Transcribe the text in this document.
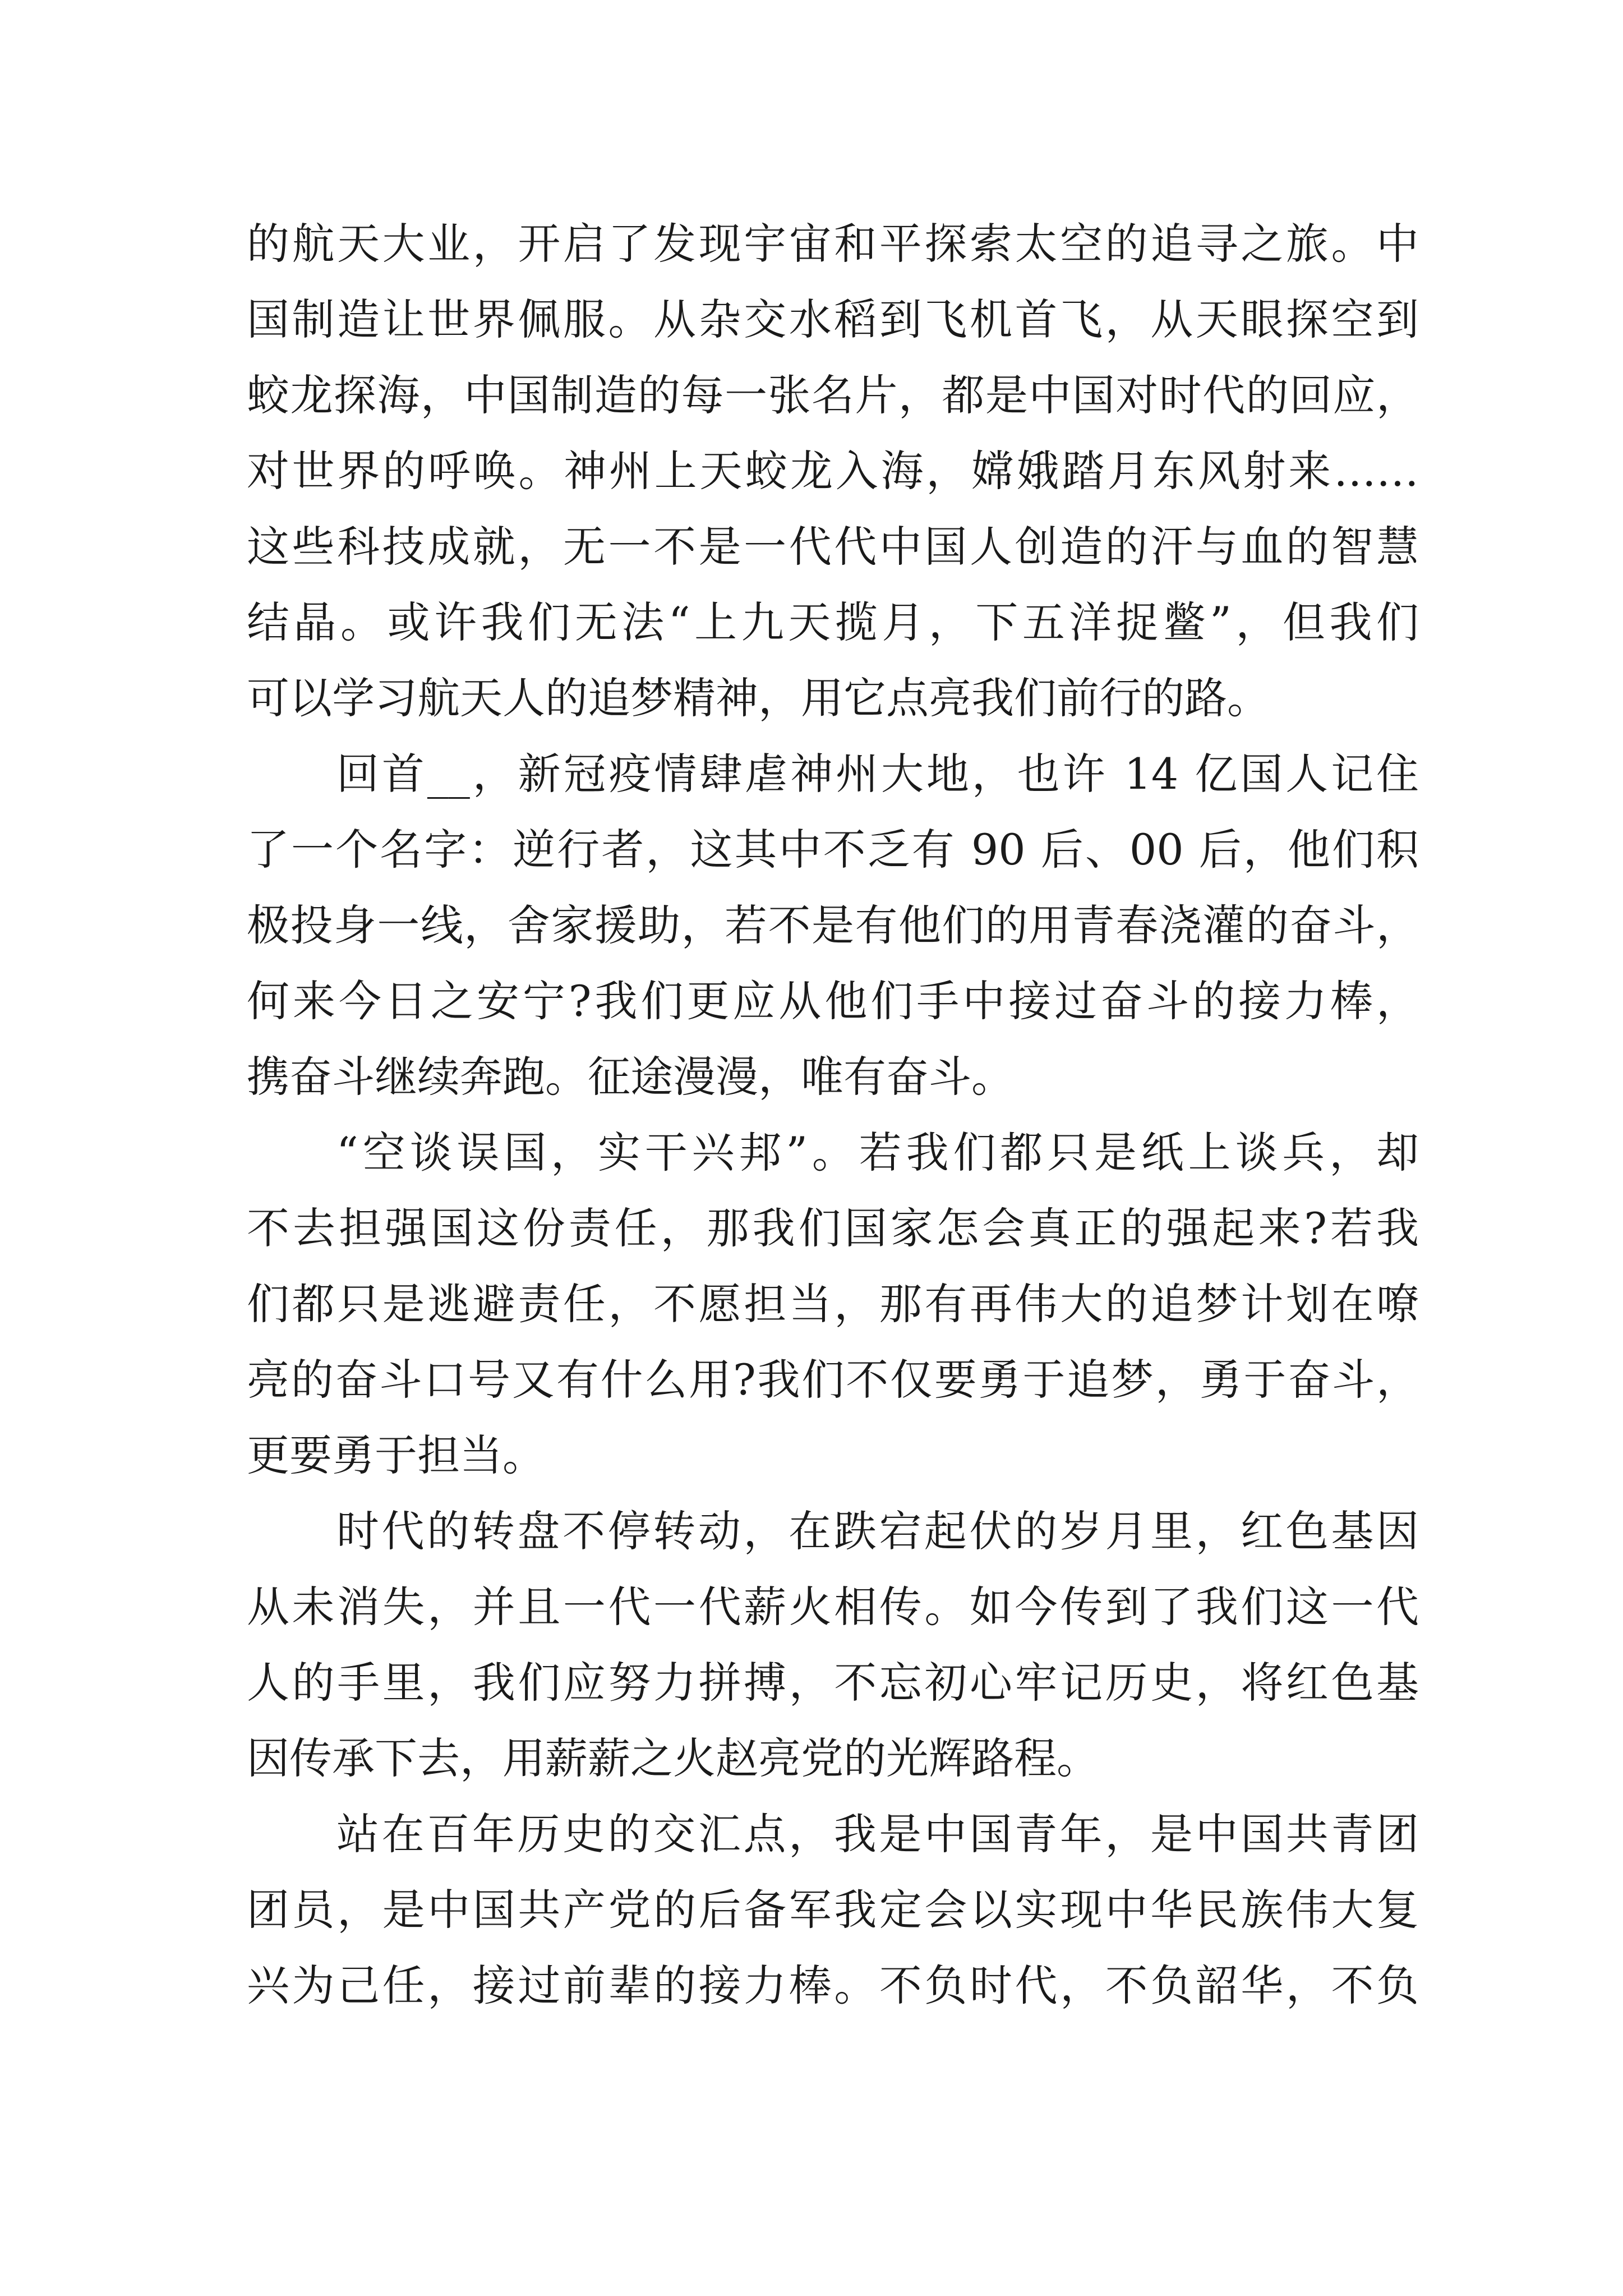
的航天大业，开启了发现宇宙和平探索太空的追寻之旅。中
国制造让世界佩服。从杂交水稻到飞机首飞，从天眼探空到
蛟龙探海，中国制造的每一张名片，都是中国对时代的回应，
对世界的呼唤。神州上天蛟龙入海，嫦娥踏月东风射来……
这些科技成就，无一不是一代代中国人创造的汗与血的智慧
结晶。或许我们无法“上九天揽月，下五洋捉鳖”，但我们
可以学习航天人的追梦精神，用它点亮我们前行的路。
回首__，新冠疫情肆虐神州大地，也许 14 亿国人记住
了一个名字：逆行者，这其中不乏有 90 后、00 后，他们积
极投身一线，舍家援助，若不是有他们的用青春浇灌的奋斗，
何来今日之安宁?我们更应从他们手中接过奋斗的接力棒，
携奋斗继续奔跑。征途漫漫，唯有奋斗。
“空谈误国，实干兴邦”。若我们都只是纸上谈兵，却
不去担强国这份责任，那我们国家怎会真正的强起来?若我
们都只是逃避责任，不愿担当，那有再伟大的追梦计划在嘹
亮的奋斗口号又有什么用?我们不仅要勇于追梦，勇于奋斗，
更要勇于担当。
时代的转盘不停转动，在跌宕起伏的岁月里，红色基因
从未消失，并且一代一代薪火相传。如今传到了我们这一代
人的手里，我们应努力拼搏，不忘初心牢记历史，将红色基
因传承下去，用薪薪之火赵亮党的光辉路程。
站在百年历史的交汇点，我是中国青年，是中国共青团
团员，是中国共产党的后备军我定会以实现中华民族伟大复
兴为己任，接过前辈的接力棒。不负时代，不负韶华，不负
